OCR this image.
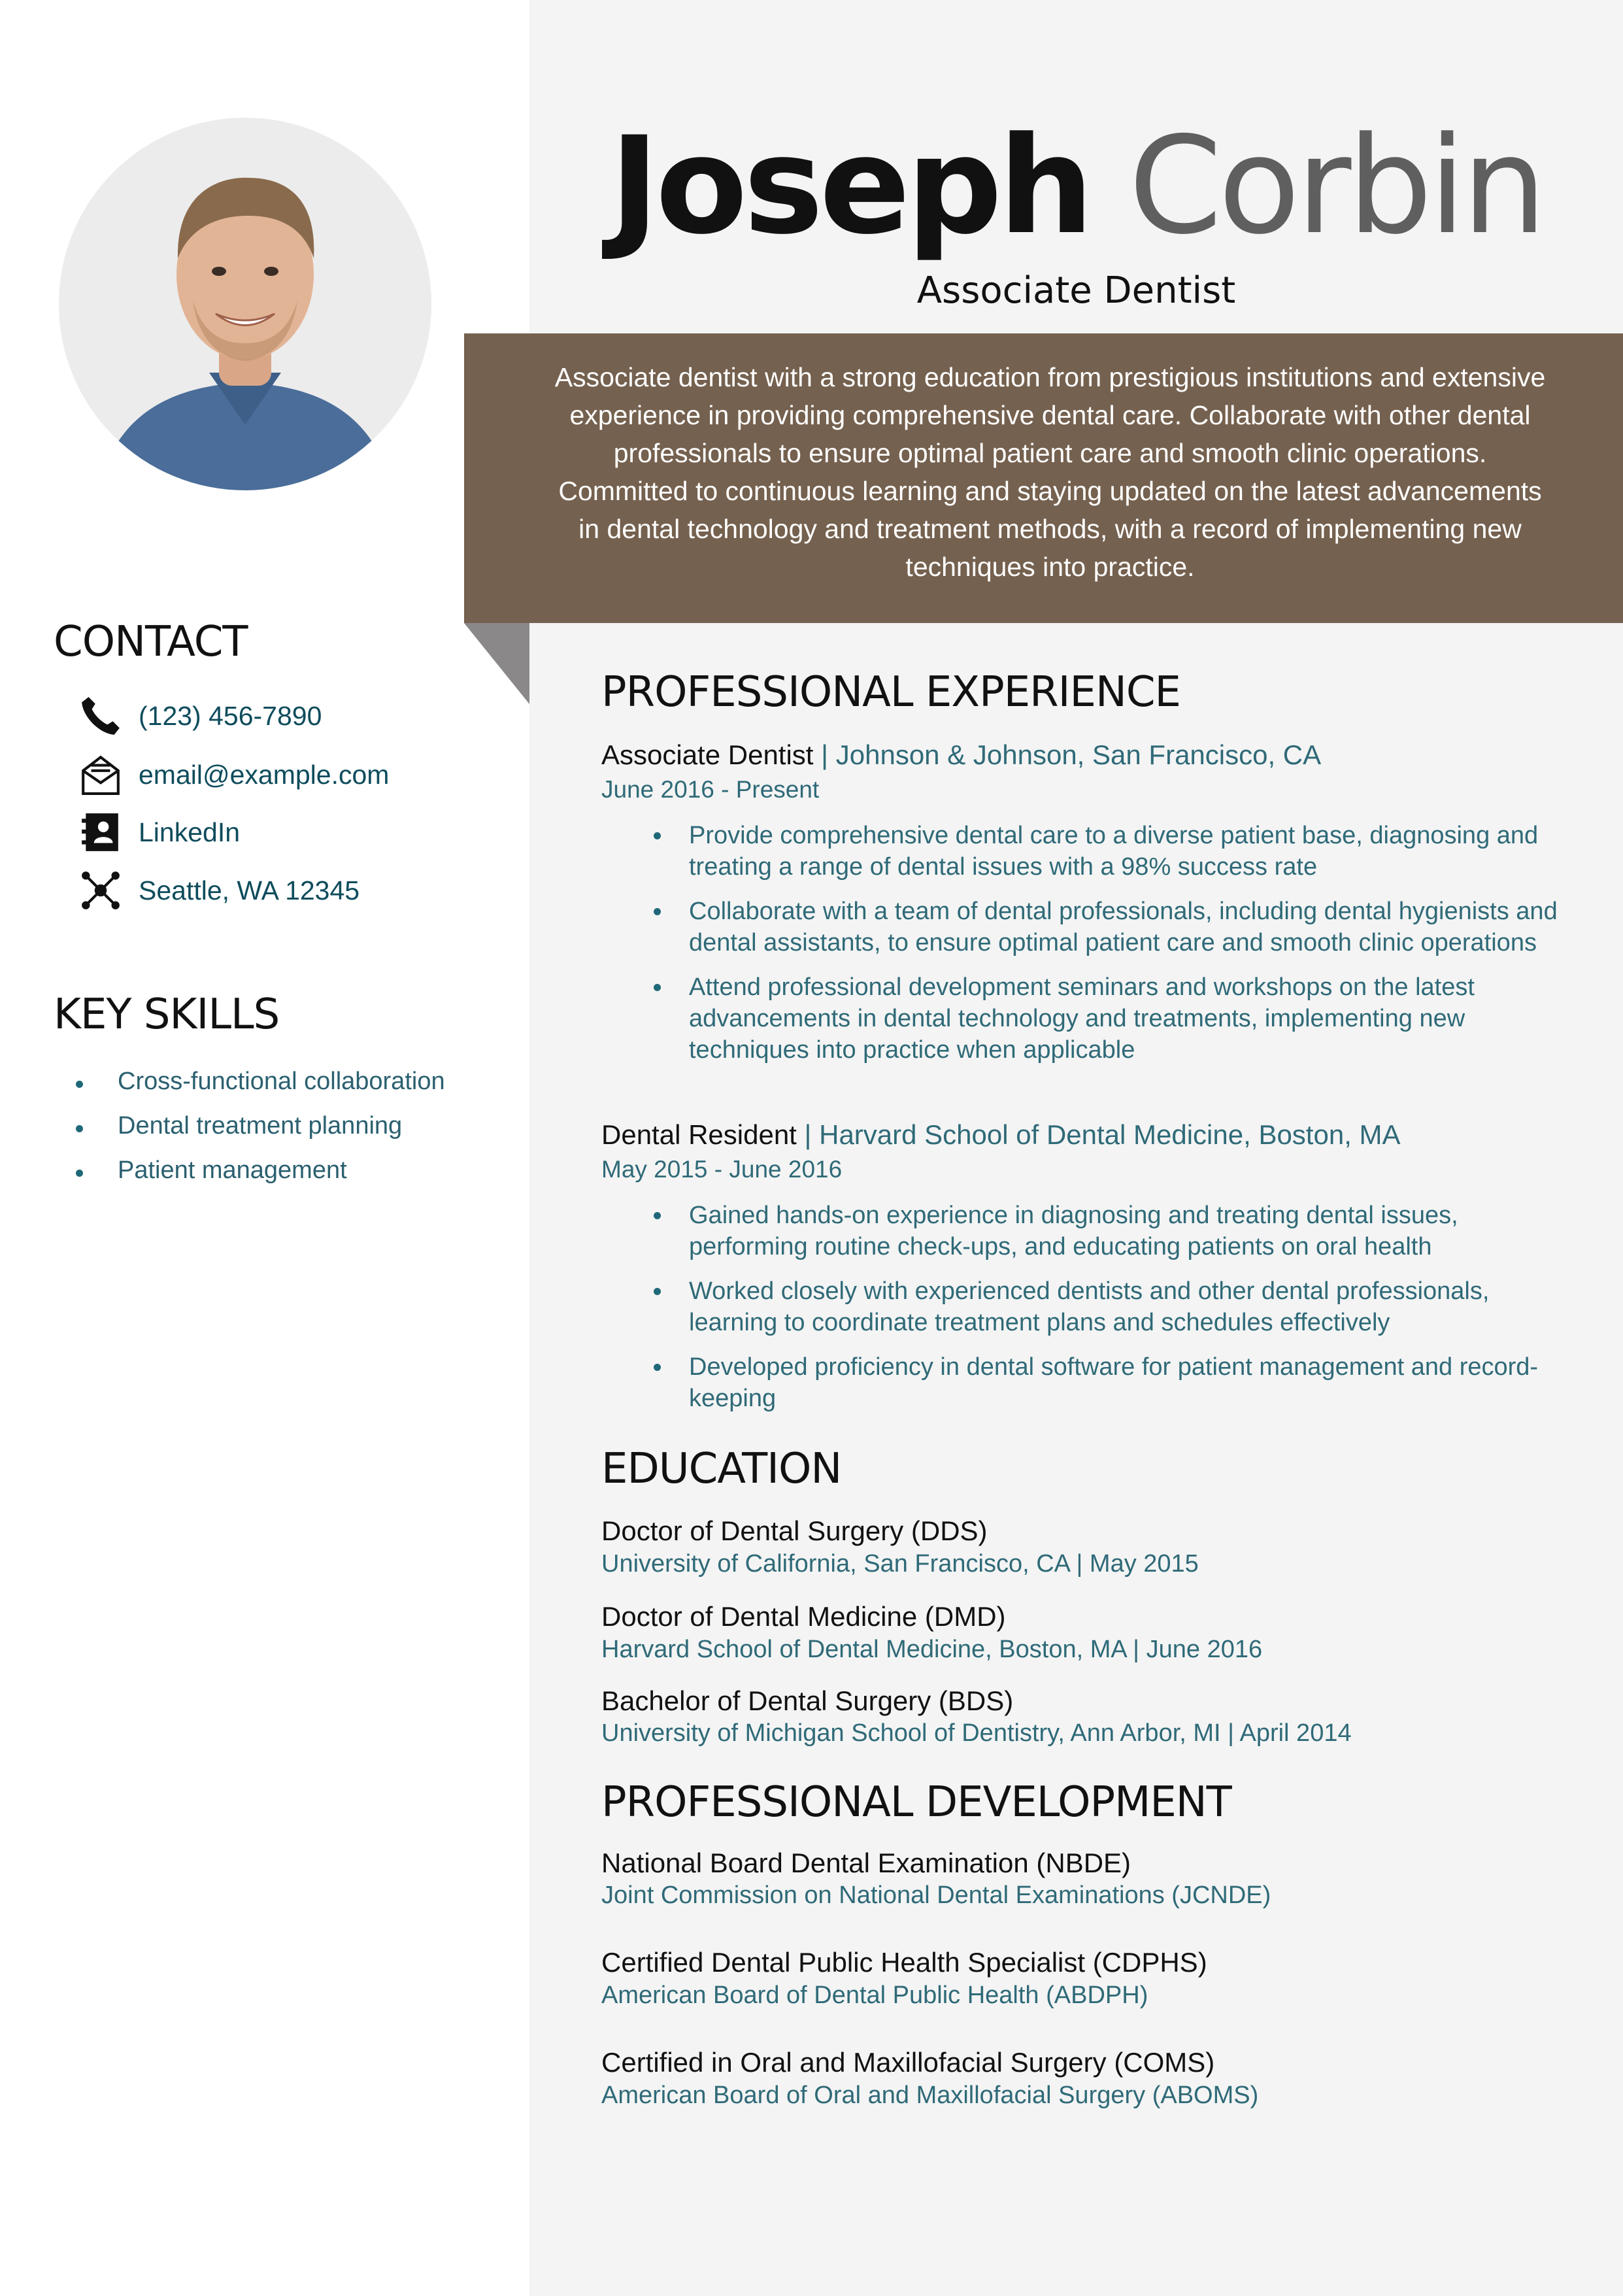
Joseph Corbin
Associate Dentist
Associate dentist with a strong education from prestigious institutions and extensive experience in providing comprehensive dental care. Collaborate with other dental professionals to ensure optimal patient care and smooth clinic operations. Committed to continuous learning and staying updated on the latest advancements in dental technology and treatment methods, with a record of implementing new techniques into practice.
CONTACT
(123) 456-7890
email@example.com
LinkedIn
Seattle, WA 12345
KEY SKILLS
Cross-functional collaboration
Dental treatment planning
Patient management
PROFESSIONAL EXPERIENCE
Associate Dentist | Johnson & Johnson, San Francisco, CA
June 2016 - Present
Provide comprehensive dental care to a diverse patient base, diagnosing and treating a range of dental issues with a 98% success rate
Collaborate with a team of dental professionals, including dental hygienists and dental assistants, to ensure optimal patient care and smooth clinic operations
Attend professional development seminars and workshops on the latest advancements in dental technology and treatments, implementing new techniques into practice when applicable
Dental Resident | Harvard School of Dental Medicine, Boston, MA
May 2015 - June 2016
Gained hands-on experience in diagnosing and treating dental issues, performing routine check-ups, and educating patients on oral health
Worked closely with experienced dentists and other dental professionals, learning to coordinate treatment plans and schedules effectively
Developed proficiency in dental software for patient management and record-keeping
EDUCATION
Doctor of Dental Surgery (DDS)
University of California, San Francisco, CA | May 2015
Doctor of Dental Medicine (DMD)
Harvard School of Dental Medicine, Boston, MA | June 2016
Bachelor of Dental Surgery (BDS)
University of Michigan School of Dentistry, Ann Arbor, MI | April 2014
PROFESSIONAL DEVELOPMENT
National Board Dental Examination (NBDE)
Joint Commission on National Dental Examinations (JCNDE)
Certified Dental Public Health Specialist (CDPHS)
American Board of Dental Public Health (ABDPH)
Certified in Oral and Maxillofacial Surgery (COMS)
American Board of Oral and Maxillofacial Surgery (ABOMS)
